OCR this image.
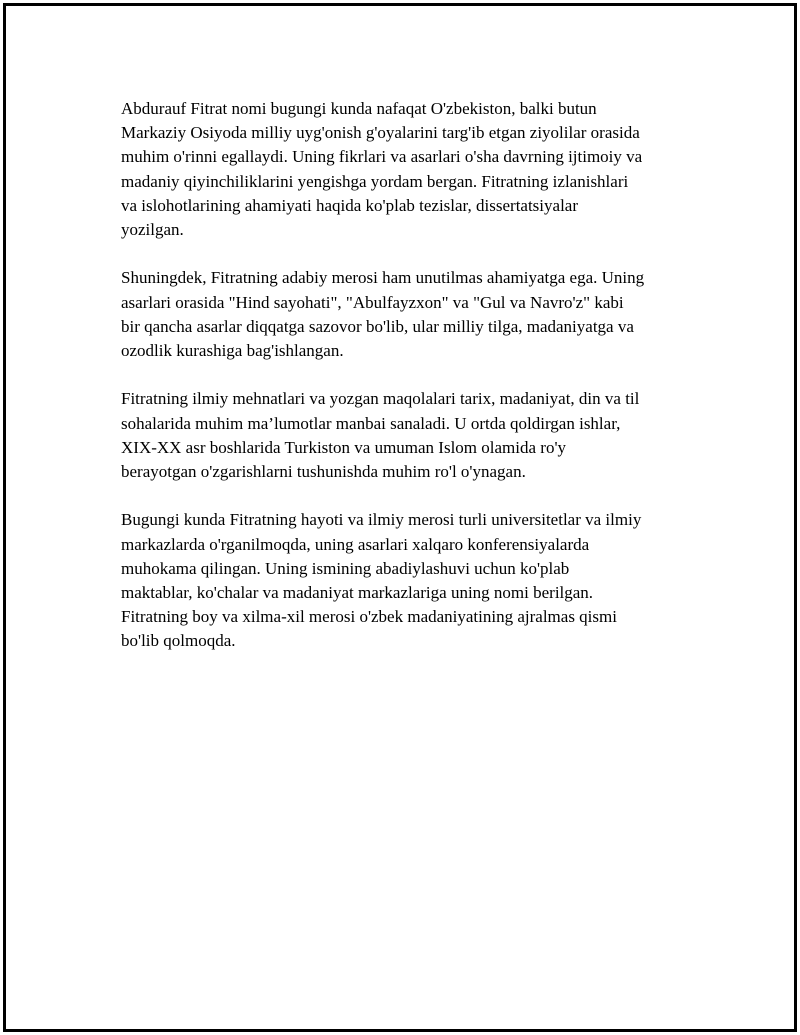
Abdurauf Fitrat nomi bugungi kunda nafaqat O'zbekiston, balki butun
Markaziy Osiyoda milliy uyg'onish g'oyalarini targ'ib etgan ziyolilar orasida
muhim o'rinni egallaydi. Uning fikrlari va asarlari o'sha davrning ijtimoiy va
madaniy qiyinchiliklarini yengishga yordam bergan. Fitratning izlanishlari
va islohotlarining ahamiyati haqida ko'plab tezislar, dissertatsiyalar
yozilgan.

Shuningdek, Fitratning adabiy merosi ham unutilmas ahamiyatga ega. Uning
asarlari orasida "Hind sayohati", "Abulfayzxon" va "Gul va Navro'z" kabi
bir qancha asarlar diqqatga sazovor bo'lib, ular milliy tilga, madaniyatga va
ozodlik kurashiga bag'ishlangan.

Fitratning ilmiy mehnatlari va yozgan maqolalari tarix, madaniyat, din va til
sohalarida muhim ma’lumotlar manbai sanaladi. U ortda qoldirgan ishlar,
XIX-XX asr boshlarida Turkiston va umuman Islom olamida ro'y
berayotgan o'zgarishlarni tushunishda muhim ro'l o'ynagan.

Bugungi kunda Fitratning hayoti va ilmiy merosi turli universitetlar va ilmiy
markazlarda o'rganilmoqda, uning asarlari xalqaro konferensiyalarda
muhokama qilingan. Uning ismining abadiylashuvi uchun ko'plab
maktablar, ko'chalar va madaniyat markazlariga uning nomi berilgan.
Fitratning boy va xilma-xil merosi o'zbek madaniyatining ajralmas qismi
bo'lib qolmoqda.
